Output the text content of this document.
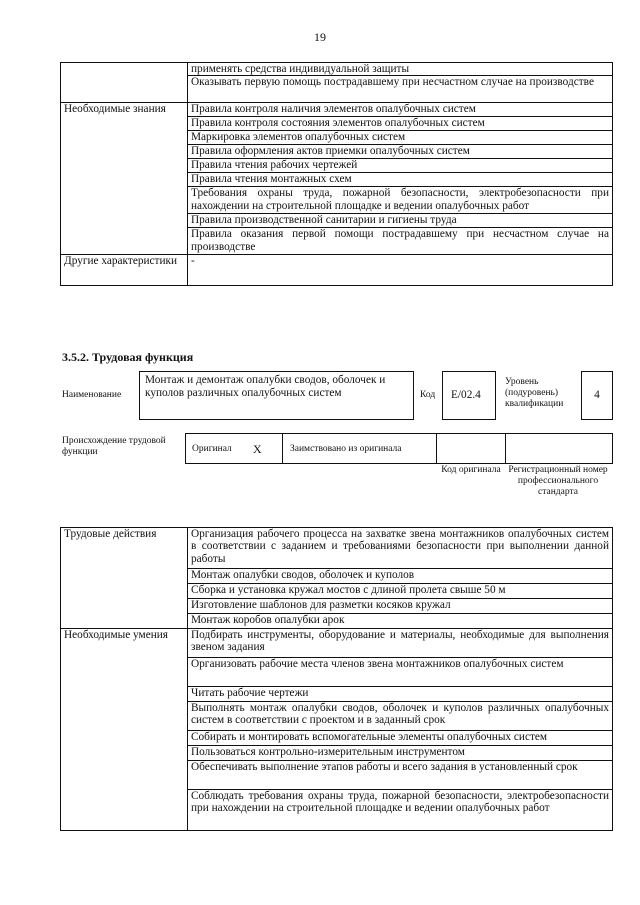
19
	применять средства индивидуальной защиты
	Оказывать первую помощь пострадавшему при несчастном случае на производстве
Необходимые знания	Правила контроля наличия элементов опалубочных систем
	Правила контроля состояния элементов опалубочных систем
	Маркировка элементов опалубочных систем
	Правила оформления актов приемки опалубочных систем
	Правила чтения рабочих чертежей
	Правила чтения монтажных схем
	Требования охраны труда, пожарной безопасности, электробезопасности при нахождении на строительной площадке и ведении опалубочных работ
	Правила производственной санитарии и гигиены труда
	Правила оказания первой помощи пострадавшему при несчастном случае на производстве
Другие характеристики	-
3.5.2. Трудовая функция
Наименование
Монтаж и демонтаж опалубки сводов, оболочек и куполов различных опалубочных систем	Код E/02.4
Уровень (подуровень) квалификации
4
Происхождение трудовой функции	Оригинал X	Заимствовано из оригинала
Код оригинала Регистрационный номер профессионального стандарта
Трудовые действия	Организация рабочего процесса на захватке звена монтажников опалубочных систем в соответствии с заданием и требованиями безопасности при выполнении данной работы
	Монтаж опалубки сводов, оболочек и куполов
	Сборка и установка кружал мостов с длиной пролета свыше 50 м
	Изготовление шаблонов для разметки косяков кружал
	Монтаж коробов опалубки арок
Необходимые умения	Подбирать инструменты, оборудование и материалы, необходимые для выполнения звеном задания
	Организовать рабочие места членов звена монтажников опалубочных систем
	Читать рабочие чертежи
	Выполнять монтаж опалубки сводов, оболочек и куполов различных опалубочных систем в соответствии с проектом и в заданный срок
	Собирать и монтировать вспомогательные элементы опалубочных систем
	Пользоваться контрольно-измерительным инструментом
	Обеспечивать выполнение этапов работы и всего задания в установленный срок
	Соблюдать требования охраны труда, пожарной безопасности, электробезопасности при нахождении на строительной площадке и ведении опалубочных работ
